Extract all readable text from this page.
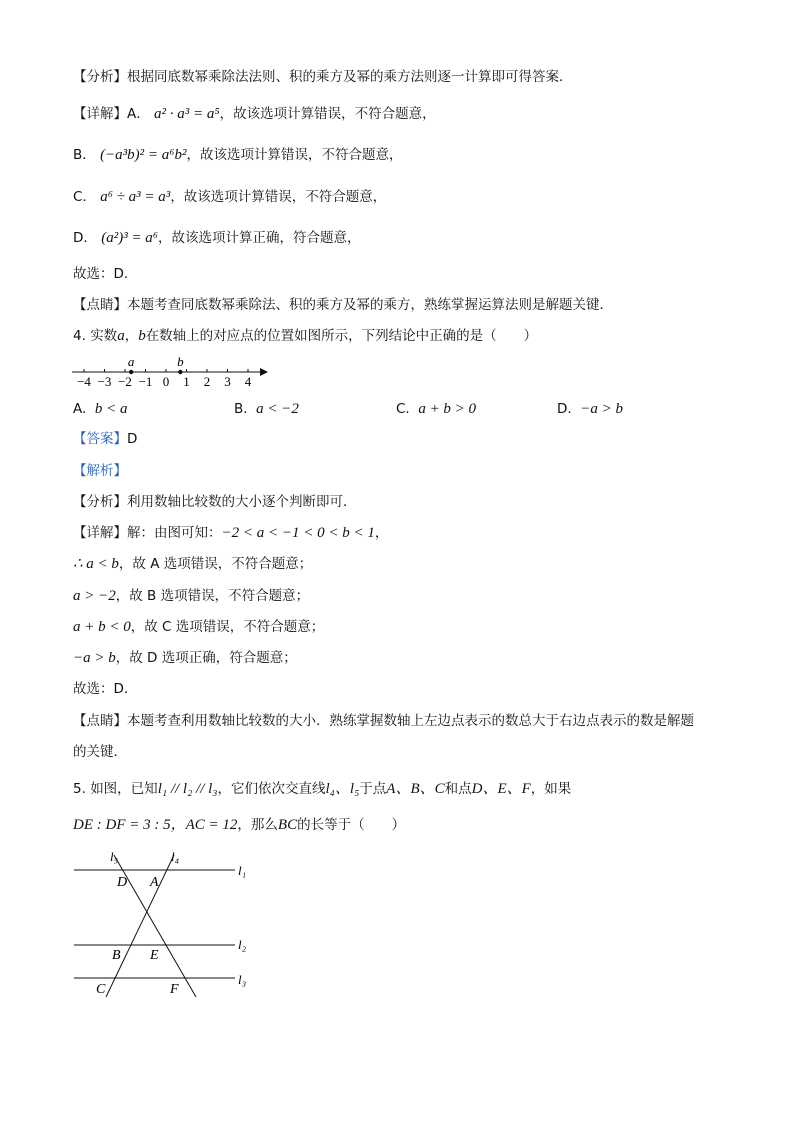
【分析】根据同底数幂乘除法法则、积的乘方及幂的乘方法则逐一计算即可得答案．
【详解】A． a² · a³ = a⁵，故该选项计算错误，不符合题意，
B． (−a³b)² = a⁶b²，故该选项计算错误，不符合题意，
C． a⁶ ÷ a³ = a³，故该选项计算错误，不符合题意，
D． (a²)³ = a⁶，故该选项计算正确，符合题意，
故选：D．
【点睛】本题考查同底数幂乘除法、积的乘方及幂的乘方，熟练掌握运算法则是解题关键．
4. 实数a，b在数轴上的对应点的位置如图所示，下列结论中正确的是（　　）
−4 −3 −2 −1 0 1 2 3 4
a	b
A. b < a	B. a < −2	C. a + b > 0	D. −a > b
【答案】D
【解析】
【分析】利用数轴比较数的大小逐个判断即可．
【详解】解：由图可知：−2 < a < −1 < 0 < b < 1，
∴ a < b，故 A 选项错误，不符合题意；
a > −2，故 B 选项错误，不符合题意；
a + b < 0，故 C 选项错误，不符合题意；
−a > b，故 D 选项正确，符合题意；
故选：D．
【点睛】本题考查利用数轴比较数的大小．熟练掌握数轴上左边点表示的数总大于右边点表示的数是解题
的关键．
5. 如图，已知l₁ // l₂ // l₃，它们依次交直线l₄、l₅于点A、B、C和点D、E、F，如果
DE : DF = 3 : 5，AC = 12，那么BC的长等于（　　）
l₅	l₄
l₁
l₂
l₃
D A
B E
C	F
